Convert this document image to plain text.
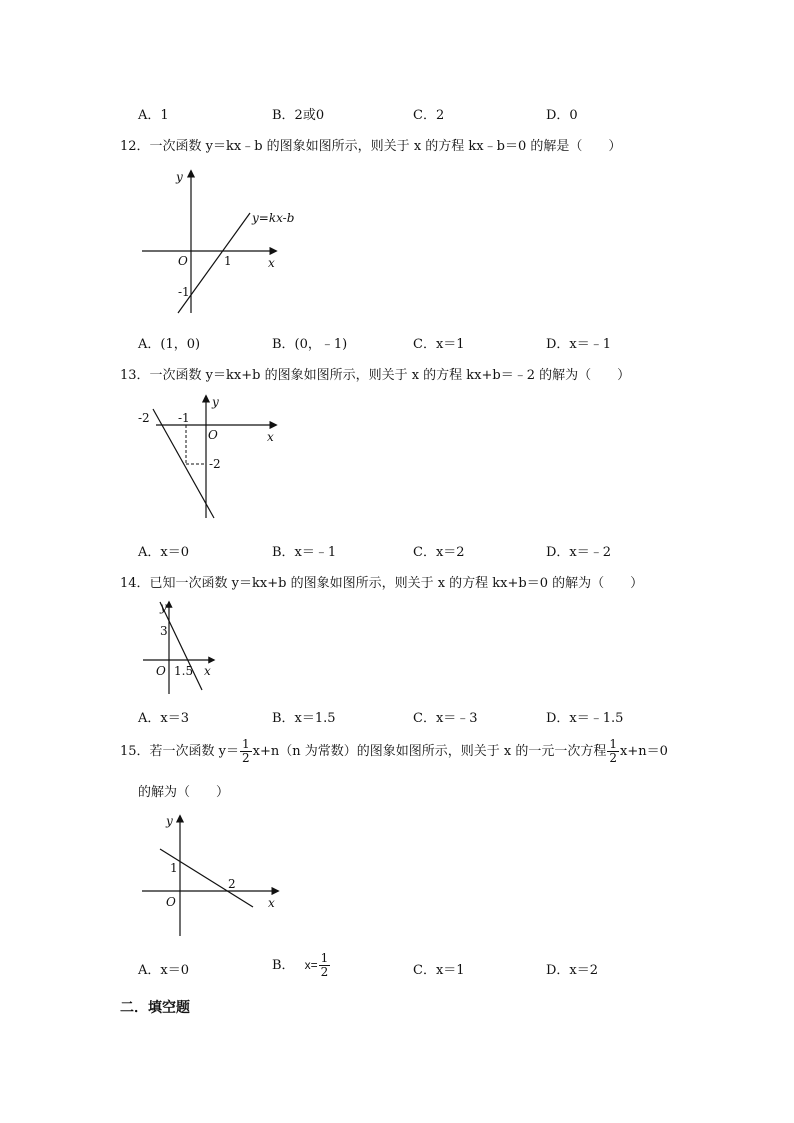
A．1	B．2或0	C．2	D．0
12．一次函数 y＝kx﹣b 的图象如图所示，则关于 x 的方程 kx﹣b＝0 的解是（　　）
y
y=kx-b
O	1	x
-1
A．(1，0)	B．(0，﹣1)	C．x＝1	D．x＝﹣1
13．一次函数 y＝kx+b 的图象如图所示，则关于 x 的方程 kx+b＝﹣2 的解为（　　）
-2 -1
y
O	x
-2
A．x＝0	B．x＝﹣1	C．x＝2	D．x＝﹣2
14．已知一次函数 y＝kx+b 的图象如图所示，则关于 x 的方程 kx+b＝0 的解为（　　）
y
3
O 1.5 x
A．x＝3	B．x＝1.5	C．x＝﹣3	D．x＝﹣1.5
15．若一次函数 $y= \frac{1}{2} x+n(n$ 为常数）的图象如图所示，则关于 x 的一元一次方程 $\frac{1}{2} x+n=0$
的解为（　　）
y
1
2
O	x
A．x＝0	B． $x= \frac{1}{2}$	C．x＝1	D．x＝2
二．填空题
